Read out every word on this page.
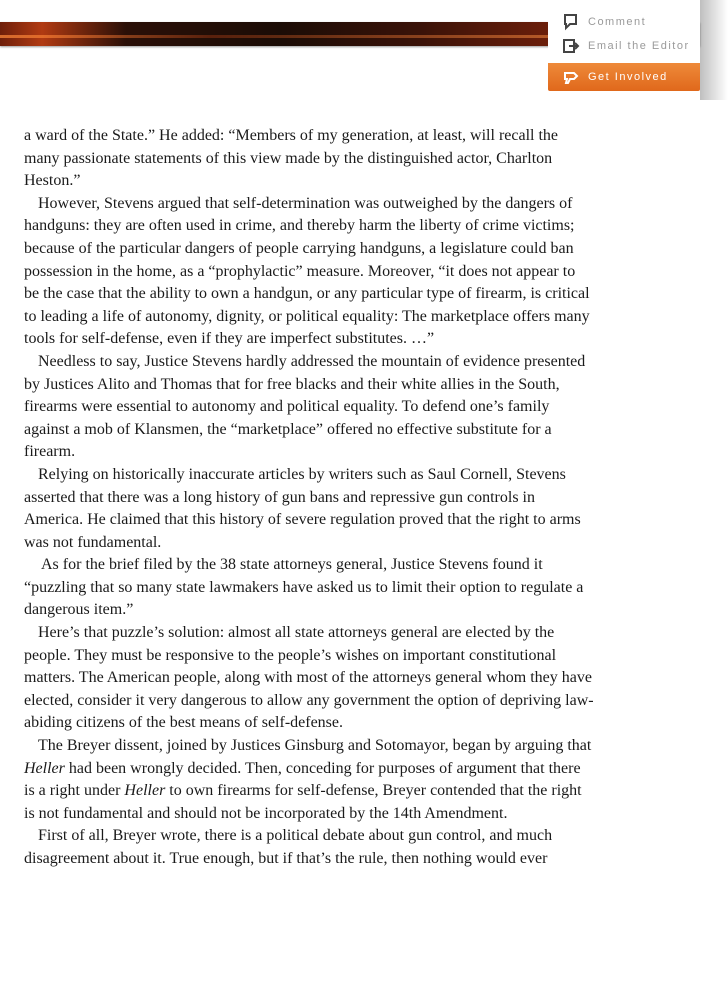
Comment
Email the Editor
Get Involved

a ward of the State.” He added: “Members of my generation, at least, will recall the many passionate statements of this view made by the distinguished actor, Charlton Heston.”

However, Stevens argued that self-determination was outweighed by the dangers of handguns: they are often used in crime, and thereby harm the liberty of crime victims; because of the particular dangers of people carrying handguns, a legislature could ban possession in the home, as a “prophylactic” measure. Moreover, “it does not appear to be the case that the ability to own a handgun, or any particular type of firearm, is critical to leading a life of autonomy, dignity, or political equality: The marketplace offers many tools for self-defense, even if they are imperfect substitutes. …”

Needless to say, Justice Stevens hardly addressed the mountain of evidence presented by Justices Alito and Thomas that for free blacks and their white allies in the South, firearms were essential to autonomy and political equality. To defend one’s family against a mob of Klansmen, the “marketplace” offered no effective substitute for a firearm.

Relying on historically inaccurate articles by writers such as Saul Cornell, Stevens asserted that there was a long history of gun bans and repressive gun controls in America. He claimed that this history of severe regulation proved that the right to arms was not fundamental.

As for the brief filed by the 38 state attorneys general, Justice Stevens found it “puzzling that so many state lawmakers have asked us to limit their option to regulate a dangerous item.”

Here’s that puzzle’s solution: almost all state attorneys general are elected by the people. They must be responsive to the people’s wishes on important constitutional matters. The American people, along with most of the attorneys general whom they have elected, consider it very dangerous to allow any government the option of depriving law-abiding citizens of the best means of self-defense.

The Breyer dissent, joined by Justices Ginsburg and Sotomayor, began by arguing that Heller had been wrongly decided. Then, conceding for purposes of argument that there is a right under Heller to own firearms for self-defense, Breyer contended that the right is not fundamental and should not be incorporated by the 14th Amendment.

First of all, Breyer wrote, there is a political debate about gun control, and much disagreement about it. True enough, but if that’s the rule, then nothing would ever
